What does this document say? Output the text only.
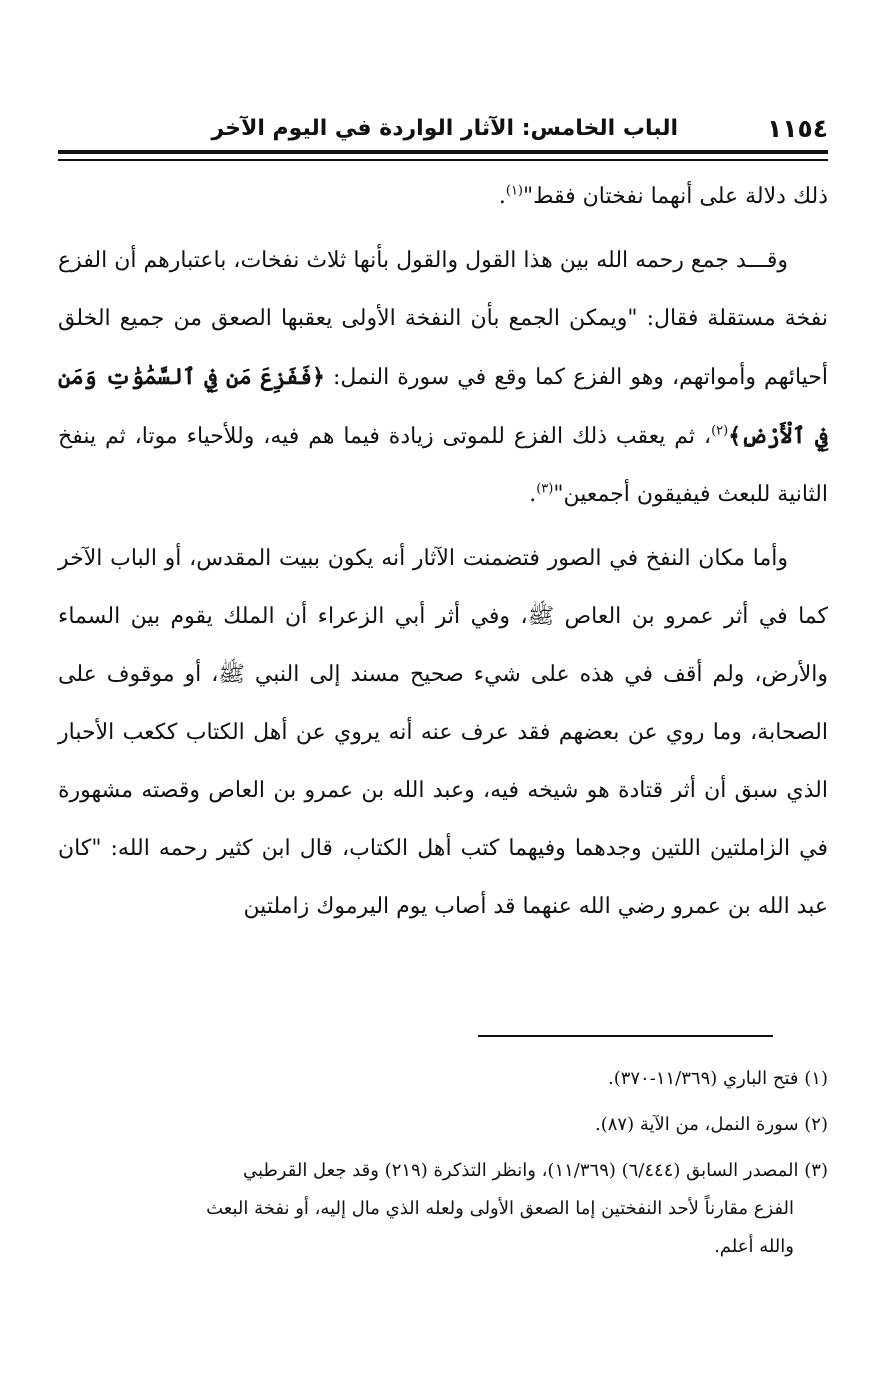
١١٥٤
الباب الخامس: الآثار الواردة في اليوم الآخر

ذلك دلالة على أنهما نفختان فقط"$^{(١)}$.

وقـــد جمع رحمه الله بين هذا القول والقول بأنها ثلاث نفخات، باعتبارهم أن الفزع نفخة مستقلة فقال: "ويمكن الجمع بأن النفخة الأولى يعقبها الصعق من جميع الخلق أحيائهم وأمواتهم، وهو الفزع كما وقع في سورة النمل: ﴿فَفَزِعَ مَن فِي ٱلسَّمَٰوَٰتِ وَمَن فِي ٱلْأَرْضِ﴾$^{(٢)}$، ثم يعقب ذلك الفزع للموتى زيادة فيما هم فيه، وللأحياء موتا، ثم ينفخ الثانية للبعث فيفيقون أجمعين"$^{(٣)}$.

وأما مكان النفخ في الصور فتضمنت الآثار أنه يكون ببيت المقدس، أو الباب الآخر كما في أثر عمرو بن العاص ﷺ، وفي أثر أبي الزعراء أن الملك يقوم بين السماء والأرض، ولم أقف في هذه على شيء صحيح مسند إلى النبي ﷺ، أو موقوف على الصحابة، وما روي عن بعضهم فقد عرف عنه أنه يروي عن أهل الكتاب ككعب الأحبار الذي سبق أن أثر قتادة هو شيخه فيه، وعبد الله بن عمرو بن العاص وقصته مشهورة في الزاملتين اللتين وجدهما وفيهما كتب أهل الكتاب، قال ابن كثير رحمه الله: "كان عبد الله بن عمرو رضي الله عنهما قد أصاب يوم اليرموك زاملتين

(١) فتح الباري (١١/٣٦٩-٣٧٠).

(٢) سورة النمل، من الآية (٨٧).

(٣) المصدر السابق (٦/٤٤٤) (١١/٣٦٩)، وانظر التذكرة (٢١٩) وقد جعل القرطبي

الفزع مقارناً لأحد النفختين إما الصعق الأولى ولعله الذي مال إليه، أو نفخة البعث

والله أعلم.
